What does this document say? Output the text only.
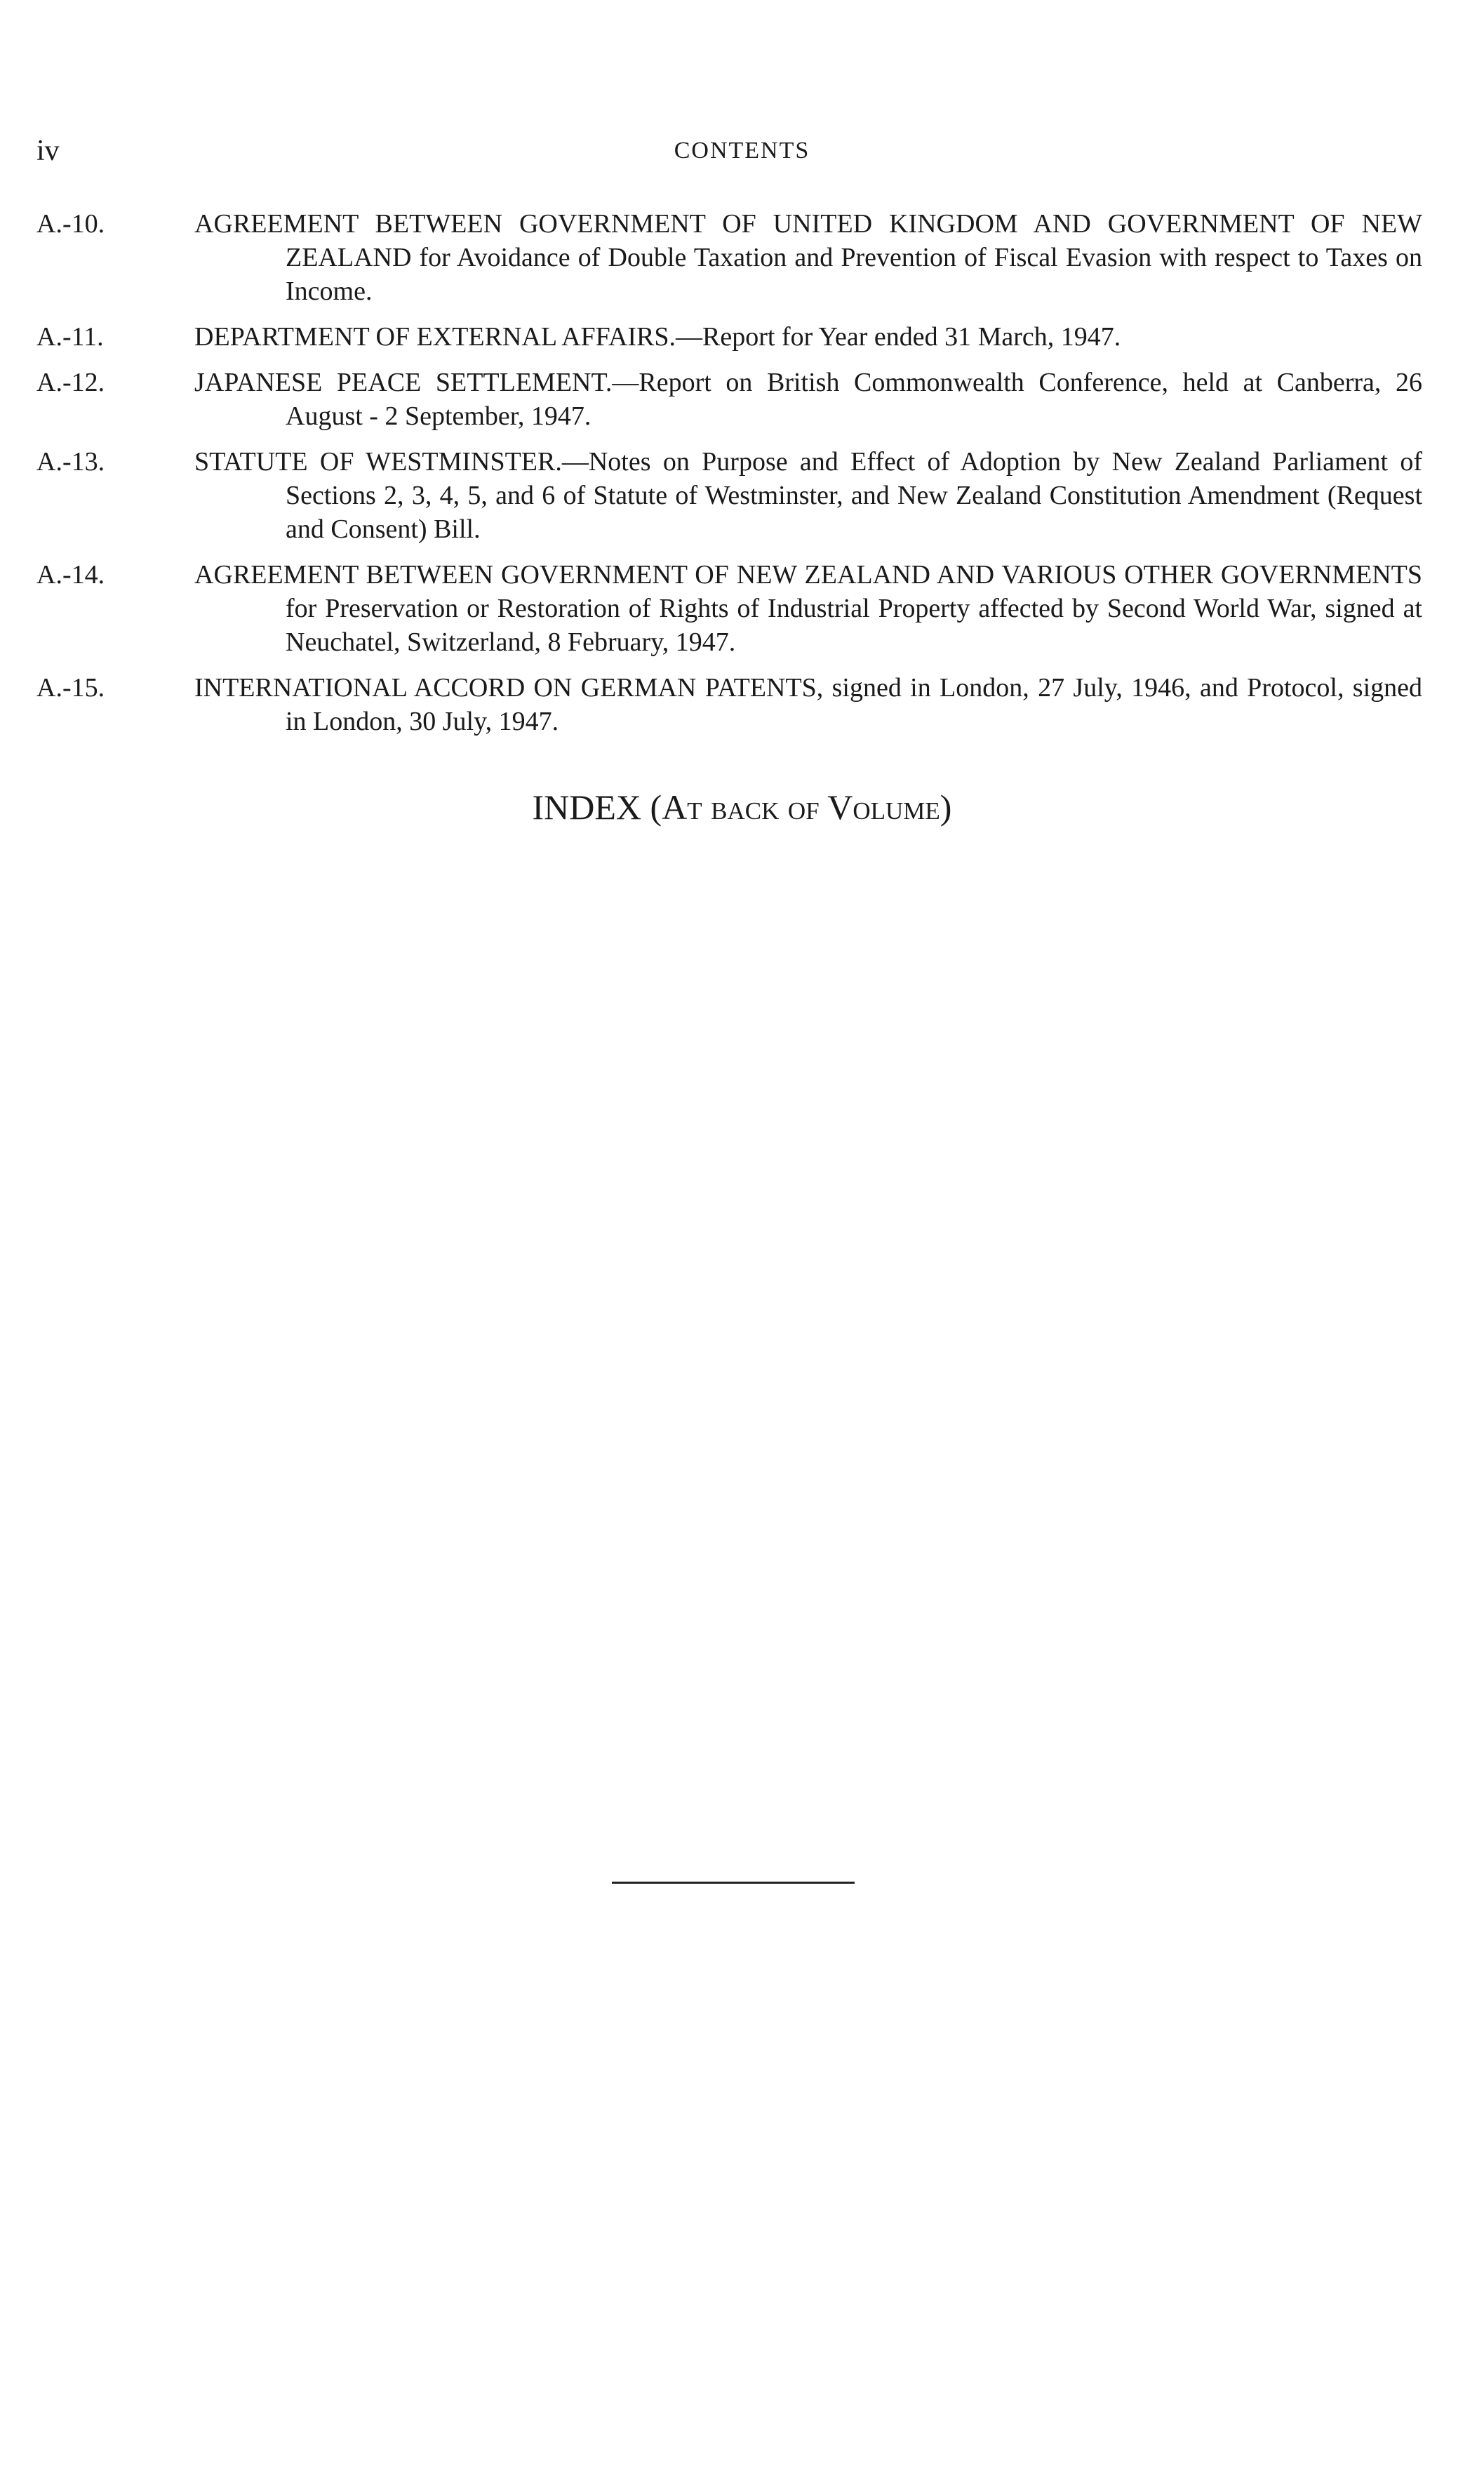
iv	CONTENTS
A.-10.	AGREEMENT BETWEEN GOVERNMENT OF UNITED KINGDOM AND GOVERNMENT OF NEW ZEALAND for Avoidance of Double Taxation and Prevention of Fiscal Evasion with respect to Taxes on Income.
A.-11.	DEPARTMENT OF EXTERNAL AFFAIRS.—Report for Year ended 31 March, 1947.
A.-12.	JAPANESE PEACE SETTLEMENT.—Report on British Commonwealth Conference, held at Canberra, 26 August - 2 September, 1947.
A.-13.	STATUTE OF WESTMINSTER.—Notes on Purpose and Effect of Adoption by New Zealand Parliament of Sections 2, 3, 4, 5, and 6 of Statute of Westminster, and New Zealand Constitution Amendment (Request and Consent) Bill.
A.-14.	AGREEMENT BETWEEN GOVERNMENT OF NEW ZEALAND AND VARIOUS OTHER GOVERNMENTS for Preservation or Restoration of Rights of Industrial Property affected by Second World War, signed at Neuchatel, Switzerland, 8 February, 1947.
A.-15.	INTERNATIONAL ACCORD ON GERMAN PATENTS, signed in London, 27 July, 1946, and Protocol, signed in London, 30 July, 1947.
INDEX (At back of Volume)
